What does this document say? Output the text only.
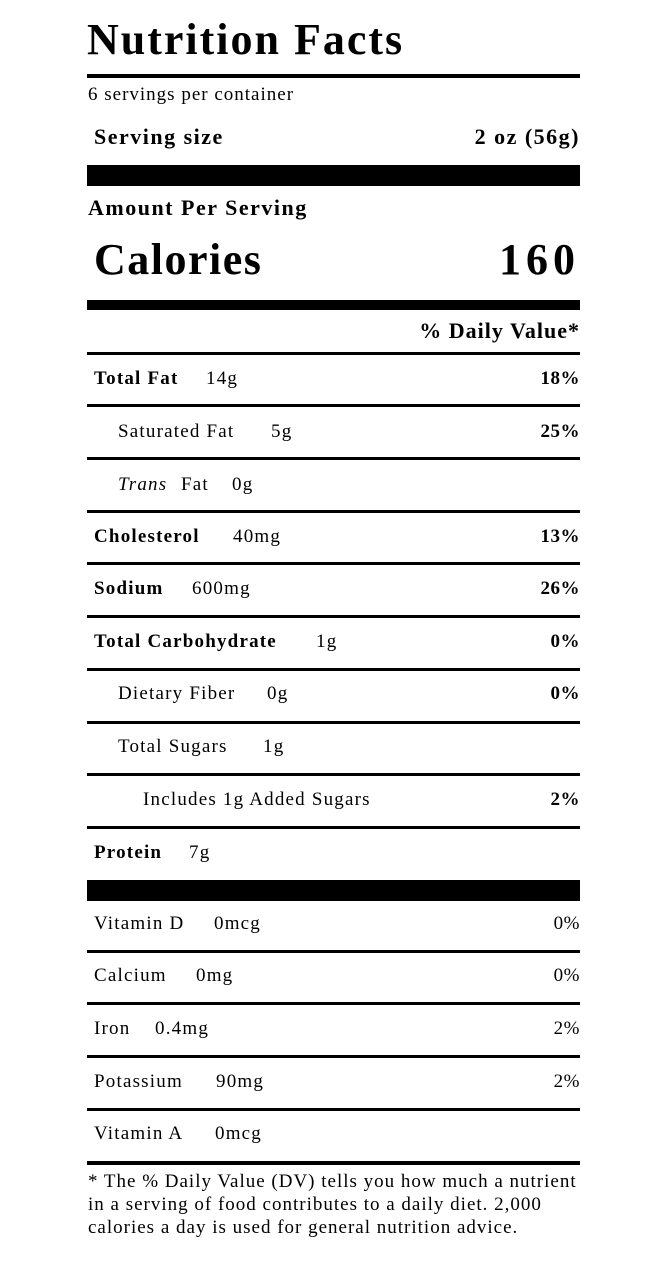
Nutrition Facts
6 servings per container
Serving size	2 oz (56g)
Amount Per Serving
Calories	160
% Daily Value*
Total Fat 14g	18%
Saturated Fat 5g	25%
Trans Fat 0g
Cholesterol 40mg	13%
Sodium 600mg	26%
Total Carbohydrate 1g	0%
Dietary Fiber 0g	0%
Total Sugars 1g
Includes 1g Added Sugars	2%
Protein 7g
Vitamin D 0mcg	0%
Calcium 0mg	0%
Iron 0.4mg	2%
Potassium 90mg	2%
Vitamin A 0mcg
* The % Daily Value (DV) tells you how much a nutrient in a serving of food contributes to a daily diet. 2,000 calories a day is used for general nutrition advice.
